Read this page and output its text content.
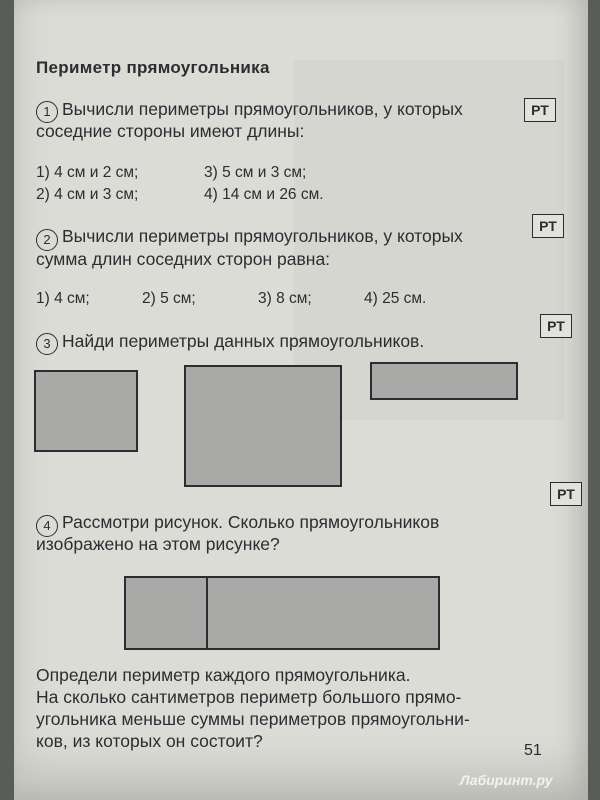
Периметр прямоугольника
1 Вычисли периметры прямоугольников, у которых
соседние стороны имеют длины:
РТ
1) 4 см и 2 см;	3) 5 см и 3 см;
2) 4 см и 3 см;	4) 14 см и 26 см.
2 Вычисли периметры прямоугольников, у которых
сумма длин соседних сторон равна:
РТ
1) 4 см;	2) 5 см;	3) 8 см;	4) 25 см.
3 Найди периметры данных прямоугольников.
РТ
4 Рассмотри рисунок. Сколько прямоугольников
изображено на этом рисунке?
РТ
Определи периметр каждого прямоугольника.
На сколько сантиметров периметр большого прямо-
угольника меньше суммы периметров прямоугольни-
ков, из которых он состоит?	51
Лабиринт.ру
